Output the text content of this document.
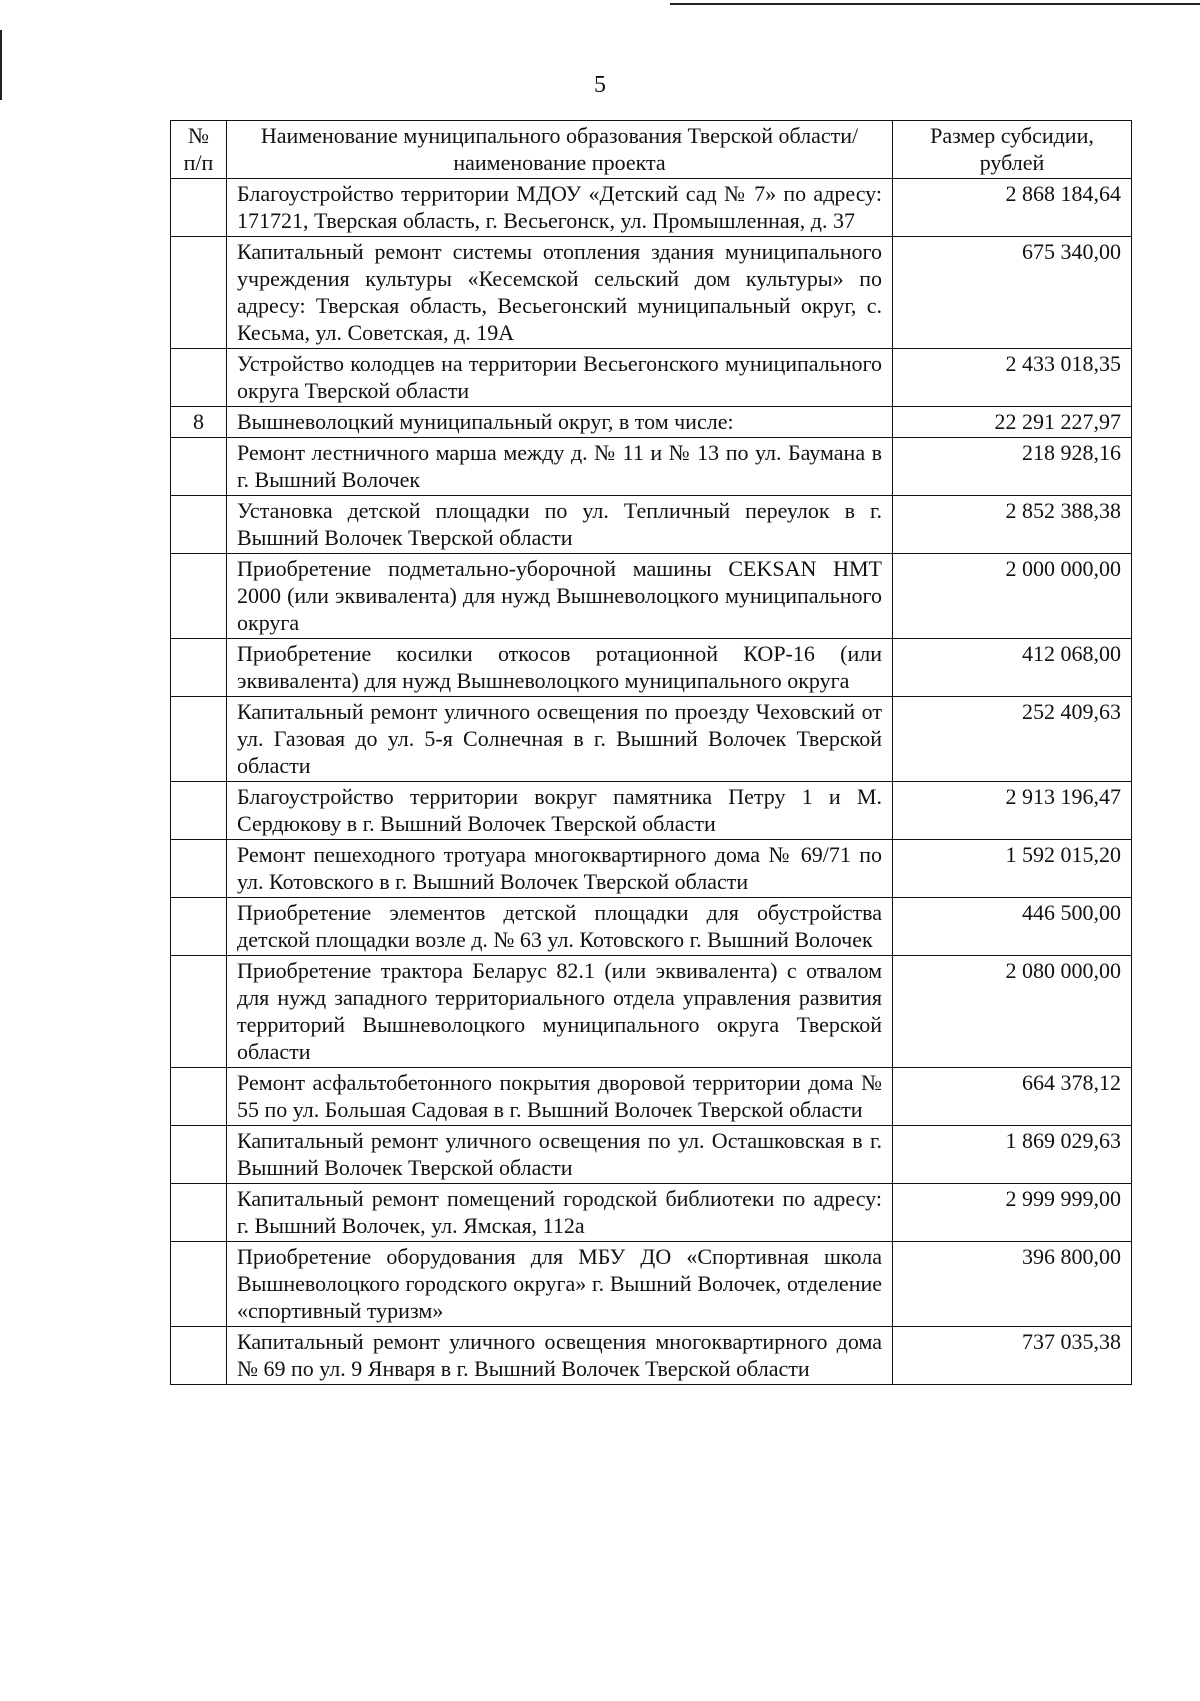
5
№ п/п	Наименование муниципального образования Тверской области/наименование проекта	Размер субсидии, рублей
	Благоустройство территории МДОУ «Детский сад № 7» по адресу: 171721, Тверская область, г. Весьегонск, ул. Промышленная, д. 37	2 868 184,64
	Капитальный ремонт системы отопления здания муниципального учреждения культуры «Кесемской сельский дом культуры» по адресу: Тверская область, Весьегонский муниципальный округ, с. Кесьма, ул. Советская, д. 19А	675 340,00
	Устройство колодцев на территории Весьегонского муниципального округа Тверской области	2 433 018,35
8	Вышневолоцкий муниципальный округ, в том числе:	22 291 227,97
	Ремонт лестничного марша между д. № 11 и № 13 по ул. Баумана в г. Вышний Волочек	218 928,16
	Установка детской площадки по ул. Тепличный переулок в г. Вышний Волочек Тверской области	2 852 388,38
	Приобретение подметально-уборочной машины CEKSAN HMT 2000 (или эквивалента) для нужд Вышневолоцкого муниципального округа	2 000 000,00
	Приобретение косилки откосов ротационной КОР-16 (или эквивалента) для нужд Вышневолоцкого муниципального округа	412 068,00
	Капитальный ремонт уличного освещения по проезду Чеховский от ул. Газовая до ул. 5-я Солнечная в г. Вышний Волочек Тверской области	252 409,63
	Благоустройство территории вокруг памятника Петру 1 и М. Сердюкову в г. Вышний Волочек Тверской области	2 913 196,47
	Ремонт пешеходного тротуара многоквартирного дома № 69/71 по ул. Котовского в г. Вышний Волочек Тверской области	1 592 015,20
	Приобретение элементов детской площадки для обустройства детской площадки возле д. № 63 ул. Котовского г. Вышний Волочек	446 500,00
	Приобретение трактора Беларус 82.1 (или эквивалента) с отвалом для нужд западного территориального отдела управления развития территорий Вышневолоцкого муниципального округа Тверской области	2 080 000,00
	Ремонт асфальтобетонного покрытия дворовой территории дома № 55 по ул. Большая Садовая в г. Вышний Волочек Тверской области	664 378,12
	Капитальный ремонт уличного освещения по ул. Осташковская в г. Вышний Волочек Тверской области	1 869 029,63
	Капитальный ремонт помещений городской библиотеки по адресу: г. Вышний Волочек, ул. Ямская, 112а	2 999 999,00
	Приобретение оборудования для МБУ ДО «Спортивная школа Вышневолоцкого городского округа» г. Вышний Волочек, отделение «спортивный туризм»	396 800,00
	Капитальный ремонт уличного освещения многоквартирного дома № 69 по ул. 9 Января в г. Вышний Волочек Тверской области	737 035,38
